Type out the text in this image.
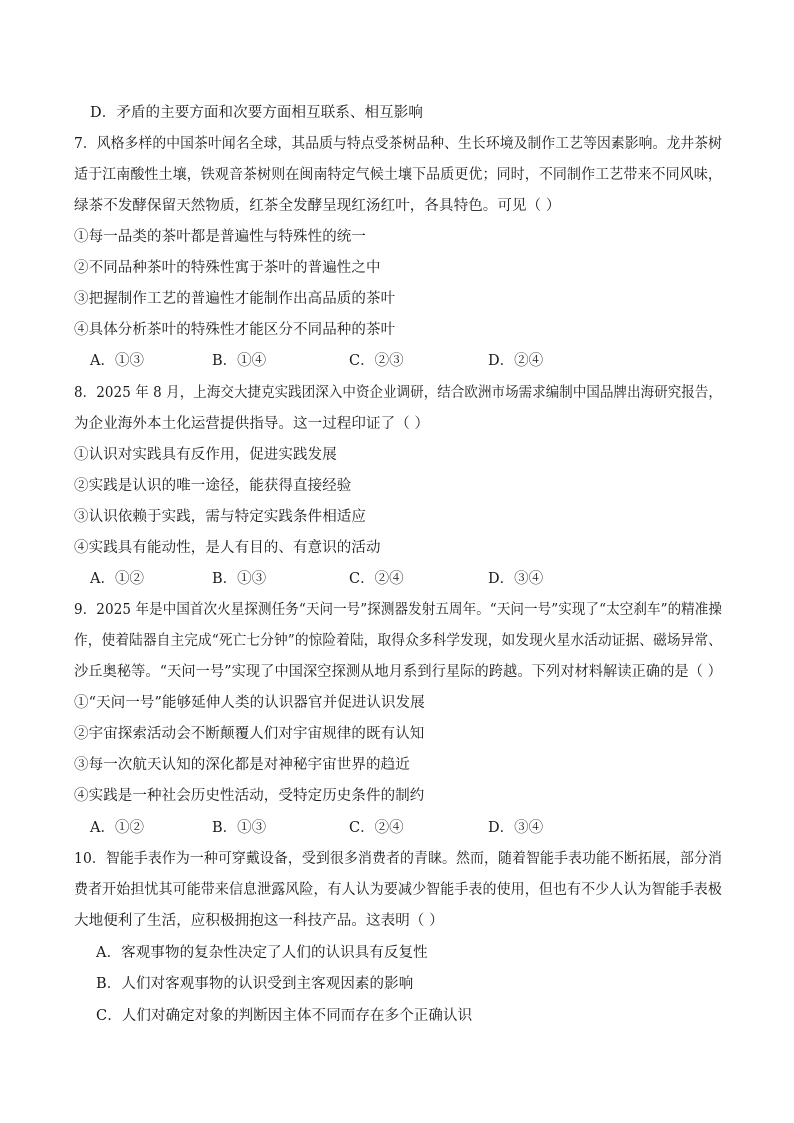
D．矛盾的主要方面和次要方面相互联系、相互影响
7．风格多样的中国茶叶闻名全球，其品质与特点受茶树品种、生长环境及制作工艺等因素影响。龙井茶树
适于江南酸性土壤，铁观音茶树则在闽南特定气候土壤下品质更优；同时，不同制作工艺带来不同风味，
绿茶不发酵保留天然物质，红茶全发酵呈现红汤红叶，各具特色。可见（ ）
①每一品类的茶叶都是普遍性与特殊性的统一
②不同品种茶叶的特殊性寓于茶叶的普遍性之中
③把握制作工艺的普遍性才能制作出高品质的茶叶
④具体分析茶叶的特殊性才能区分不同品种的茶叶
A．①③	B．①④	C．②③	D．②④
8．2025 年 8 月，上海交大捷克实践团深入中资企业调研，结合欧洲市场需求编制中国品牌出海研究报告，
为企业海外本土化运营提供指导。这一过程印证了（ ）
①认识对实践具有反作用，促进实践发展
②实践是认识的唯一途径，能获得直接经验
③认识依赖于实践，需与特定实践条件相适应
④实践具有能动性，是人有目的、有意识的活动
A．①②	B．①③	C．②④	D．③④
9．2025 年是中国首次火星探测任务“天问一号”探测器发射五周年。“天问一号”实现了“太空刹车”的精准操
作，使着陆器自主完成“死亡七分钟”的惊险着陆，取得众多科学发现，如发现火星水活动证据、磁场异常、
沙丘奥秘等。“天问一号”实现了中国深空探测从地月系到行星际的跨越。下列对材料解读正确的是（ ）
①“天问一号”能够延伸人类的认识器官并促进认识发展
②宇宙探索活动会不断颠覆人们对宇宙规律的既有认知
③每一次航天认知的深化都是对神秘宇宙世界的趋近
④实践是一种社会历史性活动，受特定历史条件的制约
A．①②	B．①③	C．②④	D．③④
10．智能手表作为一种可穿戴设备，受到很多消费者的青睐。然而，随着智能手表功能不断拓展，部分消
费者开始担忧其可能带来信息泄露风险，有人认为要减少智能手表的使用，但也有不少人认为智能手表极
大地便利了生活，应积极拥抱这一科技产品。这表明（ ）
A．客观事物的复杂性决定了人们的认识具有反复性
B．人们对客观事物的认识受到主客观因素的影响
C．人们对确定对象的判断因主体不同而存在多个正确认识
